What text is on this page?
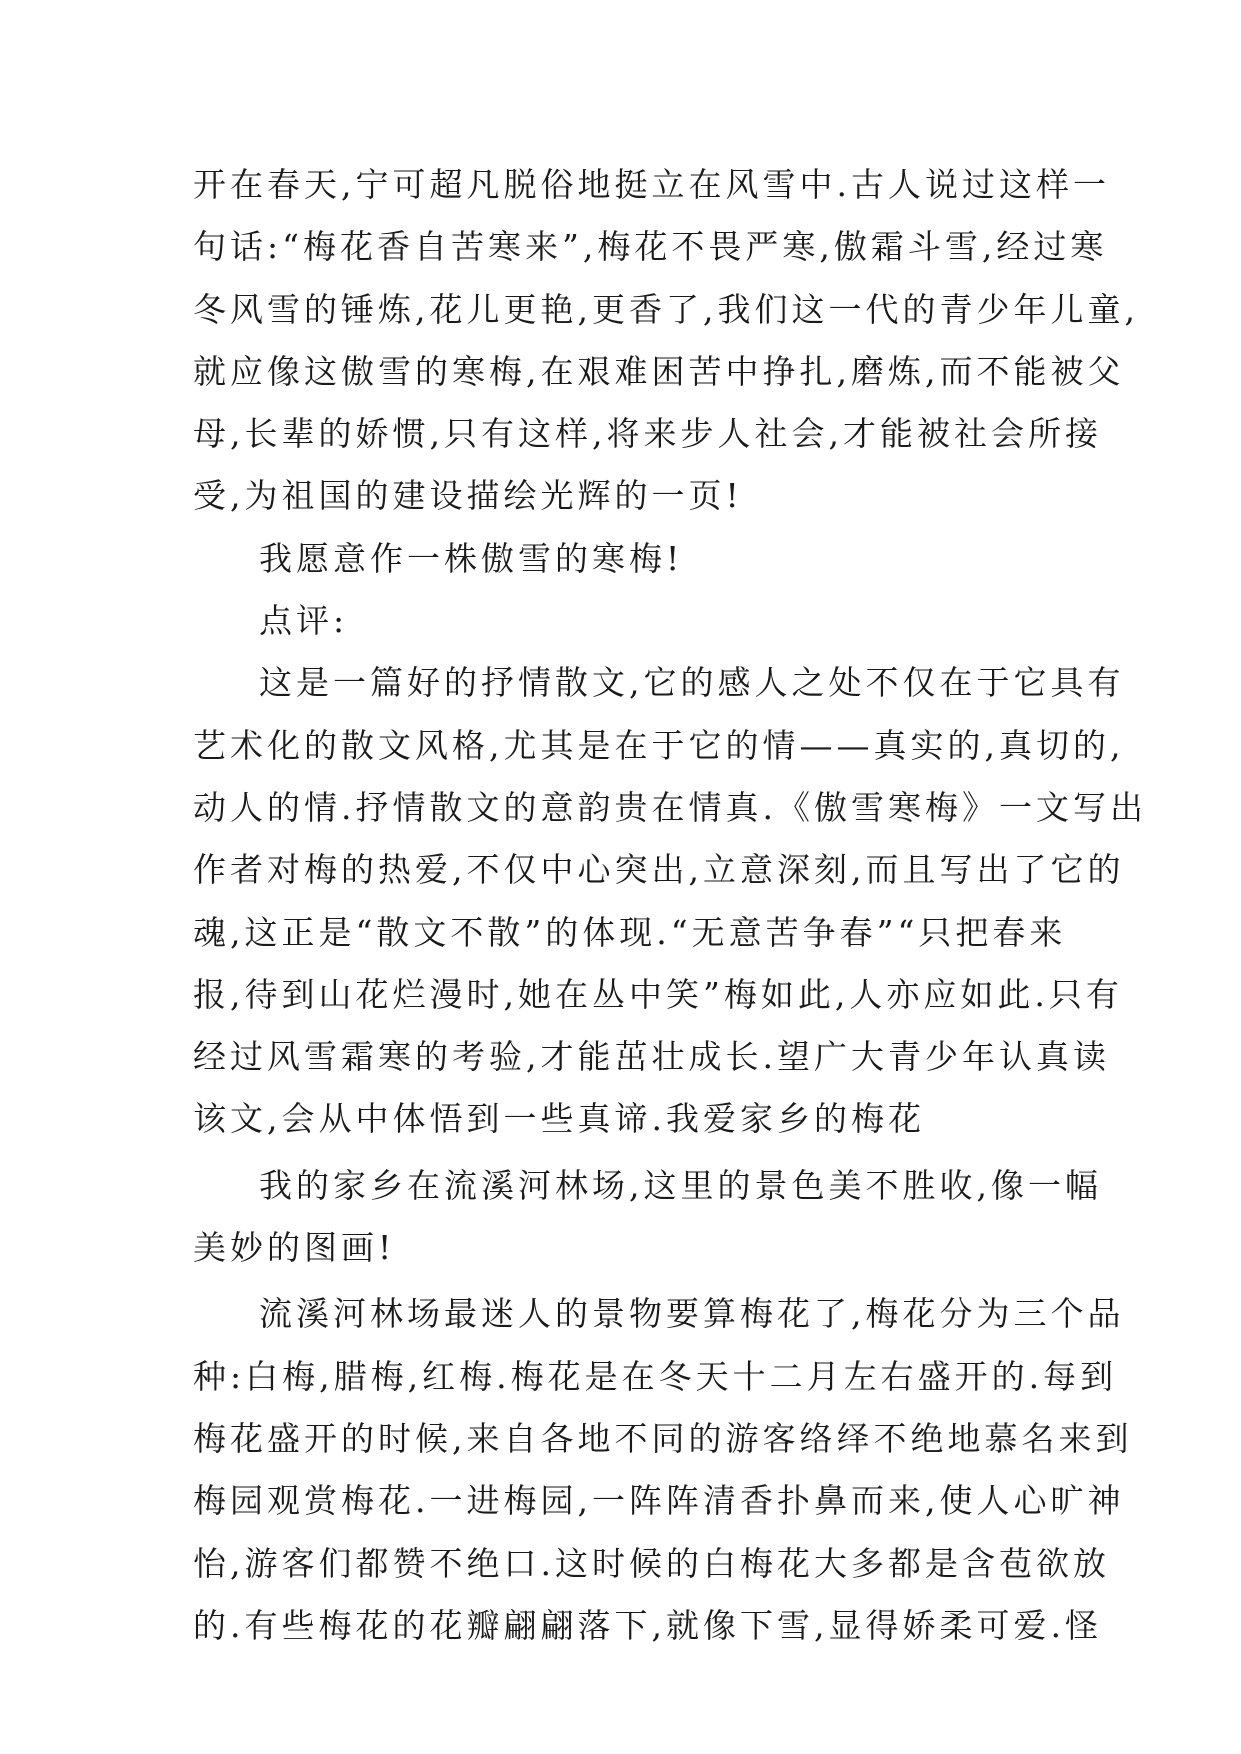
开在春天,宁可超凡脱俗地挺立在风雪中.古人说过这样一
句话:“梅花香自苦寒来”,梅花不畏严寒,傲霜斗雪,经过寒
冬风雪的锤炼,花儿更艳,更香了,我们这一代的青少年儿童,
就应像这傲雪的寒梅,在艰难困苦中挣扎,磨炼,而不能被父
母,长辈的娇惯,只有这样,将来步人社会,才能被社会所接
受,为祖国的建设描绘光辉的一页!
我愿意作一株傲雪的寒梅!
点评:
这是一篇好的抒情散文,它的感人之处不仅在于它具有
艺术化的散文风格,尤其是在于它的情——真实的,真切的,
动人的情.抒情散文的意韵贵在情真.《傲雪寒梅》一文写出
作者对梅的热爱,不仅中心突出,立意深刻,而且写出了它的
魂,这正是“散文不散”的体现.“无意苦争春”“只把春来
报,待到山花烂漫时,她在丛中笑”梅如此,人亦应如此.只有
经过风雪霜寒的考验,才能茁壮成长.望广大青少年认真读
该文,会从中体悟到一些真谛.我爱家乡的梅花
我的家乡在流溪河林场,这里的景色美不胜收,像一幅
美妙的图画!
流溪河林场最迷人的景物要算梅花了,梅花分为三个品
种:白梅,腊梅,红梅.梅花是在冬天十二月左右盛开的.每到
梅花盛开的时候,来自各地不同的游客络绎不绝地慕名来到
梅园观赏梅花.一进梅园,一阵阵清香扑鼻而来,使人心旷神
怡,游客们都赞不绝口.这时候的白梅花大多都是含苞欲放
的.有些梅花的花瓣翩翩落下,就像下雪,显得娇柔可爱.怪
